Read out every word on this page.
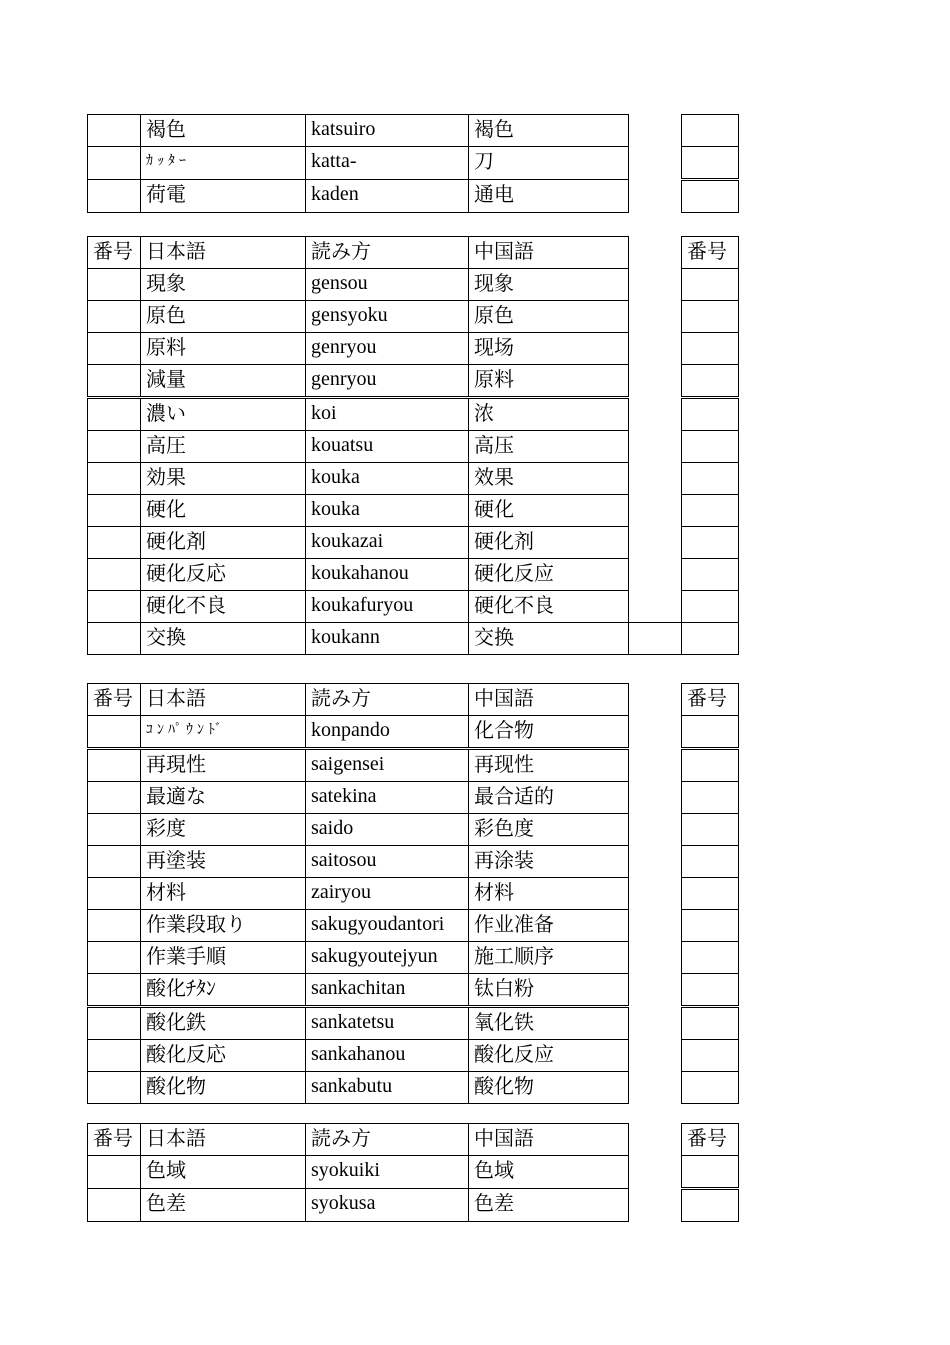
	褐色	katsuiro	褐色		
	ｶｯﾀｰ	katta-	刀		
	荷電	kaden	通电		
番号	日本語	読み方	中国語		番号
	現象	gensou	现象		
	原色	gensyoku	原色		
	原料	genryou	现场		
	減量	genryou	原料		
	濃い	koi	浓		
	高圧	kouatsu	高压		
	効果	kouka	效果		
	硬化	kouka	硬化		
	硬化剤	koukazai	硬化剂		
	硬化反応	koukahanou	硬化反应		
	硬化不良	koukafuryou	硬化不良		
	交換	koukann	交换		
番号	日本語	読み方	中国語		番号
	ｺﾝﾊﾟｳﾝﾄﾞ	konpando	化合物		
	再現性	saigensei	再现性		
	最適な	satekina	最合适的		
	彩度	saido	彩色度		
	再塗装	saitosou	再涂装		
	材料	zairyou	材料		
	作業段取り	sakugyoudantori	作业准备		
	作業手順	sakugyoutejyun	施工顺序		
	酸化ﾁﾀﾝ	sankachitan	钛白粉		
	酸化鉄	sankatetsu	氧化铁		
	酸化反応	sankahanou	酸化反应		
	酸化物	sankabutu	酸化物		
番号	日本語	読み方	中国語		番号
	色域	syokuiki	色域		
	色差	syokusa	色差		
